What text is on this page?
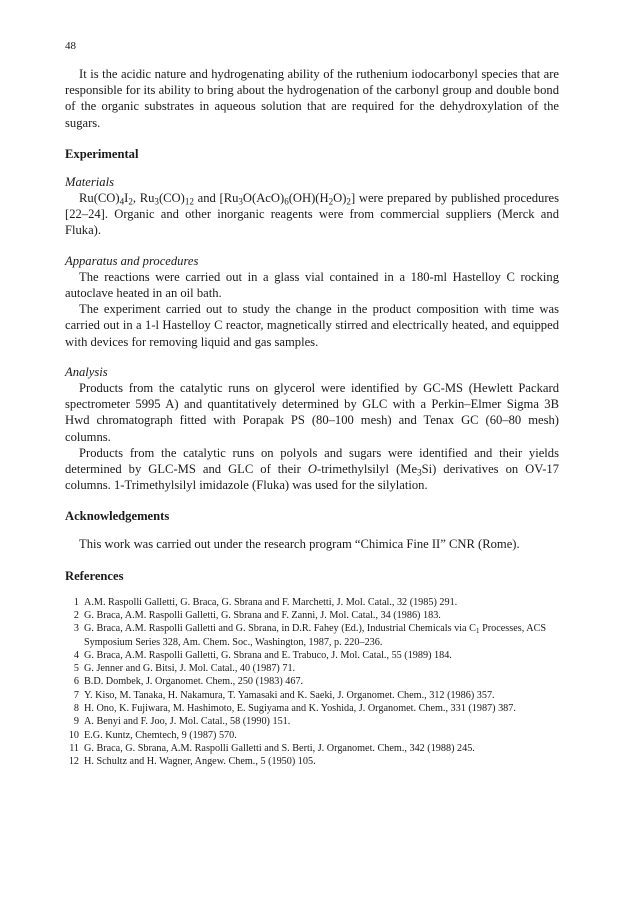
48

It is the acidic nature and hydrogenating ability of the ruthenium iodocarbonyl species that are responsible for its ability to bring about the hydrogenation of the carbonyl group and double bond of the organic substrates in aqueous solution that are required for the dehydroxylation of the sugars.

Experimental
Materials

$Ru(CO)_4I_2$, $Ru_3(CO)_{12}$ and $[Ru_3O(AcO)_6(OH)(H_2O)_2]$ were prepared by published procedures [22–24]. Organic and other inorganic reagents were from commercial suppliers (Merck and Fluka).

Apparatus and procedures

The reactions were carried out in a glass vial contained in a 180-ml Hastelloy C rocking autoclave heated in an oil bath.

The experiment carried out to study the change in the product composition with time was carried out in a 1-l Hastelloy C reactor, magnetically stirred and electrically heated, and equipped with devices for removing liquid and gas samples.

Analysis

Products from the catalytic runs on glycerol were identified by GC-MS (Hewlett Packard spectrometer 5995 A) and quantitatively determined by GLC with a Perkin–Elmer Sigma 3B Hwd chromatograph fitted with Porapak PS (80–100 mesh) and Tenax GC (60–80 mesh) columns.

Products from the catalytic runs on polyols and sugars were identified and their yields determined by GLC-MS and GLC of their O-trimethylsilyl $(Me_3Si)$ derivatives on OV-17 columns. 1-Trimethylsilyl imidazole (Fluka) was used for the silylation.

Acknowledgements

This work was carried out under the research program “Chimica Fine II” CNR (Rome).

References
1 A.M. Raspolli Galletti, G. Braca, G. Sbrana and F. Marchetti, J. Mol. Catal., 32 (1985) 291.
2 G. Braca, A.M. Raspolli Galletti, G. Sbrana and F. Zanni, J. Mol. Catal., 34 (1986) 183.
3 G. Braca, A.M. Raspolli Galletti and G. Sbrana, in D.R. Fahey (Ed.), Industrial Chemicals via $C_1$ Processes, ACS Symposium Series 328, Am. Chem. Soc., Washington, 1987, p. 220–236.
4 G. Braca, A.M. Raspolli Galletti, G. Sbrana and E. Trabuco, J. Mol. Catal., 55 (1989) 184.
5 G. Jenner and G. Bitsi, J. Mol. Catal., 40 (1987) 71.
6 B.D. Dombek, J. Organomet. Chem., 250 (1983) 467.
7 Y. Kiso, M. Tanaka, H. Nakamura, T. Yamasaki and K. Saeki, J. Organomet. Chem., 312 (1986) 357.
8 H. Ono, K. Fujiwara, M. Hashimoto, E. Sugiyama and K. Yoshida, J. Organomet. Chem., 331 (1987) 387.
9 A. Benyi and F. Joo, J. Mol. Catal., 58 (1990) 151.
10 E.G. Kuntz, Chemtech, 9 (1987) 570.
11 G. Braca, G. Sbrana, A.M. Raspolli Galletti and S. Berti, J. Organomet. Chem., 342 (1988) 245.
12 H. Schultz and H. Wagner, Angew. Chem., 5 (1950) 105.
